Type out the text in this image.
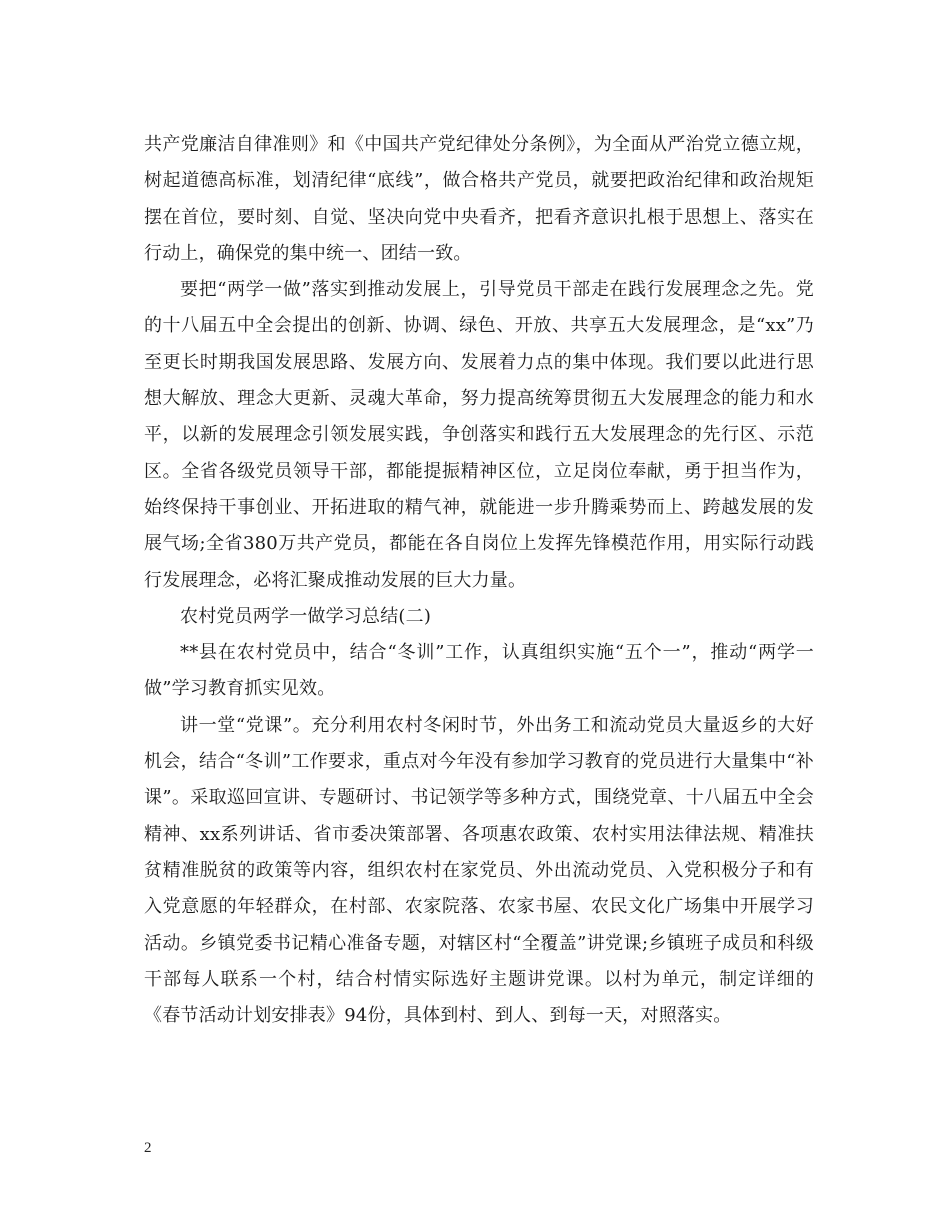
共产党廉洁自律准则》和《中国共产党纪律处分条例》，为全面从严治党立德立规，树起道德高标准，划清纪律“底线”，做合格共产党员，就要把政治纪律和政治规矩摆在首位，要时刻、自觉、坚决向党中央看齐，把看齐意识扎根于思想上、落实在行动上，确保党的集中统一、团结一致。

要把“两学一做”落实到推动发展上，引导党员干部走在践行发展理念之先。党的十八届五中全会提出的创新、协调、绿色、开放、共享五大发展理念，是“xx”乃至更长时期我国发展思路、发展方向、发展着力点的集中体现。我们要以此进行思想大解放、理念大更新、灵魂大革命，努力提高统筹贯彻五大发展理念的能力和水平，以新的发展理念引领发展实践，争创落实和践行五大发展理念的先行区、示范区。全省各级党员领导干部，都能提振精神区位，立足岗位奉献，勇于担当作为，始终保持干事创业、开拓进取的精气神，就能进一步升腾乘势而上、跨越发展的发展气场;全省380万共产党员，都能在各自岗位上发挥先锋模范作用，用实际行动践行发展理念，必将汇聚成推动发展的巨大力量。

农村党员两学一做学习总结(二)

**县在农村党员中，结合“冬训”工作，认真组织实施“五个一”，推动“两学一做”学习教育抓实见效。

讲一堂“党课”。充分利用农村冬闲时节，外出务工和流动党员大量返乡的大好机会，结合“冬训”工作要求，重点对今年没有参加学习教育的党员进行大量集中“补课”。采取巡回宣讲、专题研讨、书记领学等多种方式，围绕党章、十八届五中全会精神、xx系列讲话、省市委决策部署、各项惠农政策、农村实用法律法规、精准扶贫精准脱贫的政策等内容，组织农村在家党员、外出流动党员、入党积极分子和有入党意愿的年轻群众，在村部、农家院落、农家书屋、农民文化广场集中开展学习活动。乡镇党委书记精心准备专题，对辖区村“全覆盖”讲党课;乡镇班子成员和科级干部每人联系一个村，结合村情实际选好主题讲党课。以村为单元，制定详细的《春节活动计划安排表》94份，具体到村、到人、到每一天，对照落实。

2
